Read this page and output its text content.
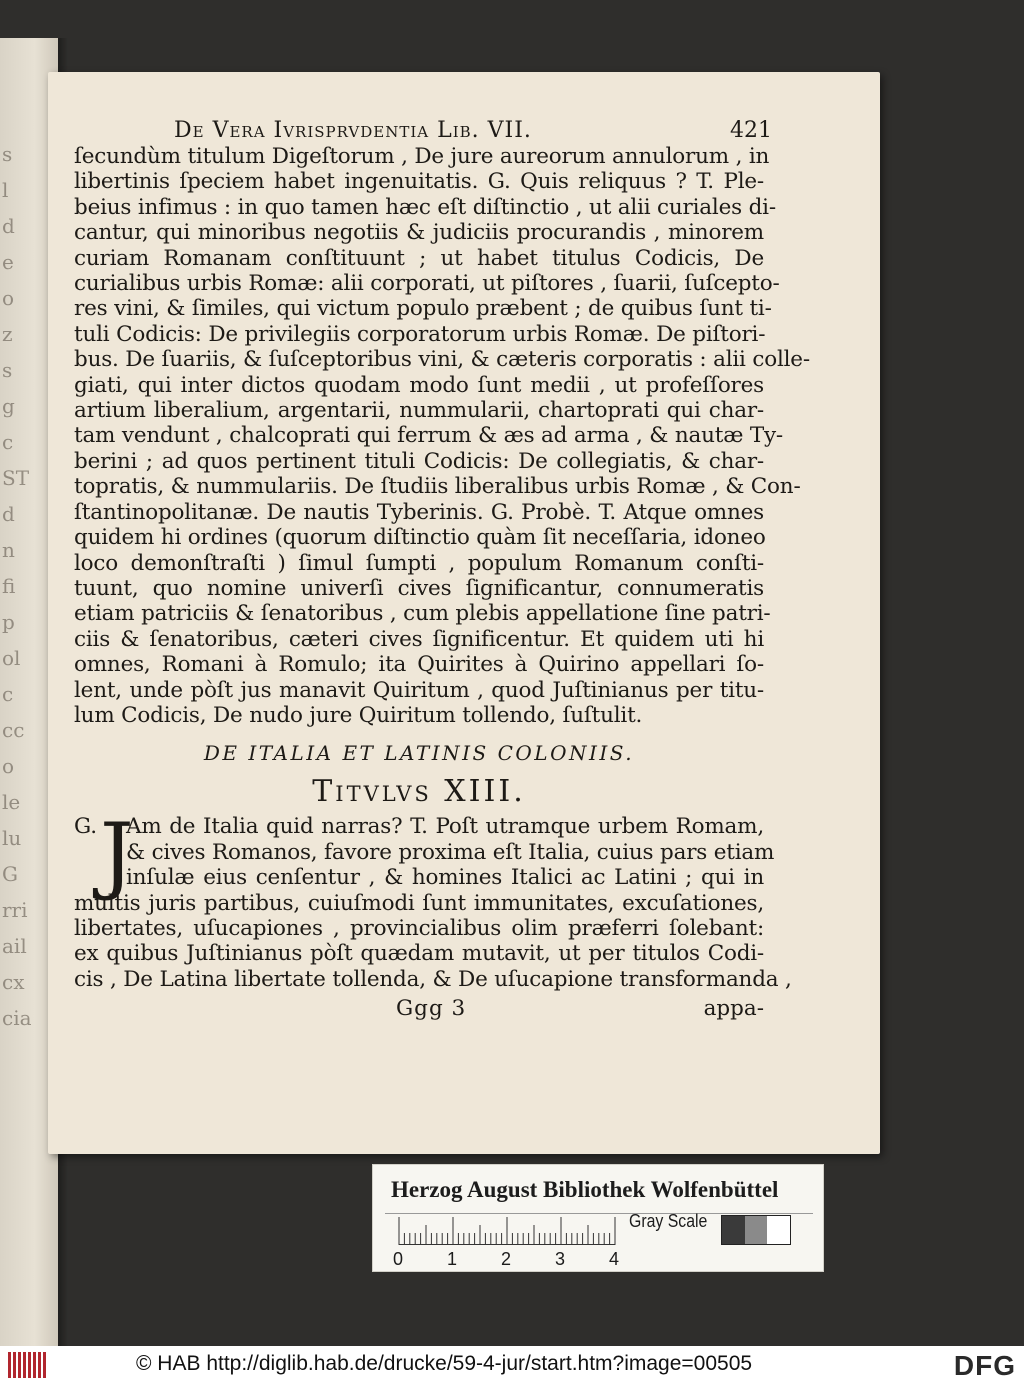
s
l
d
e
o
z
s
g
c
ST
d
n
fi
p
ol
c
cc
o
le
lu
G
rri
ail
cx
cia
De Vera Ivrisprvdentia Lib. VII.	421

ſecundùm titulum Digeſtorum , De jure aureorum annulorum , in

libertinis ſpeciem habet ingenuitatis. G. Quis reliquus ? T. Ple-

beius infimus : in quo tamen hæc eſt diſtinctio , ut alii curiales di-

cantur, qui minoribus negotiis & judiciis procurandis , minorem

curiam Romanam conſtituunt ; ut habet titulus Codicis, De

curialibus urbis Romæ: alii corporati, ut piſtores , ſuarii, ſuſcepto-

res vini, & ſimiles, qui victum populo præbent ; de quibus ſunt ti-

tuli Codicis: De privilegiis corporatorum urbis Romæ. De piſtori-

bus. De ſuariis, & ſuſceptoribus vini, & cæteris corporatis : alii colle-

giati, qui inter dictos quodam modo ſunt medii , ut profeſſores

artium liberalium, argentarii, nummularii, chartoprati qui char-

tam vendunt , chalcoprati qui ferrum & æs ad arma , & nautæ Ty-

berini ; ad quos pertinent tituli Codicis: De collegiatis, & char-

topratis, & nummulariis. De ſtudiis liberalibus urbis Romæ , & Con-

ſtantinopolitanæ. De nautis Tyberinis. G. Probè. T. Atque omnes

quidem hi ordines (quorum diſtinctio quàm ſit neceſſaria, idoneo

loco demonſtraſti ) ſimul ſumpti , populum Romanum conſti-

tuunt, quo nomine univerſi cives ſignificantur, connumeratis

etiam patriciis & ſenatoribus , cum plebis appellatione ſine patri-

ciis & ſenatoribus, cæteri cives ſignificentur. Et quidem uti hi

omnes, Romani à Romulo; ita Quirites à Quirino appellari ſo-

lent, unde pòſt jus manavit Quiritum , quod Juſtinianus per titu-

lum Codicis, De nudo jure Quiritum tollendo, ſuſtulit.

DE ITALIA ET LATINIS COLONIIS.
Titvlvs XIII.
G. J

Am de Italia quid narras? T. Poſt utramque urbem Romam,

& cives Romanos, favore proxima eſt Italia, cuius pars etiam

inſulæ eius cenſentur , & homines Italici ac Latini ; qui in

multis juris partibus, cuiuſmodi ſunt immunitates, excuſationes,

libertates, uſucapiones , provincialibus olim præferri ſolebant:

ex quibus Juſtinianus pòſt quædam mutavit, ut per titulos Codi-

cis , De Latina libertate tollenda, & De uſucapione transformanda ,

Ggg 3	appa-
Herzog August Bibliothek Wolfenbüttel
0 1 2 3 4
Gray Scale
© HAB http://diglib.hab.de/drucke/59-4-jur/start.htm?image=00505	DFG
